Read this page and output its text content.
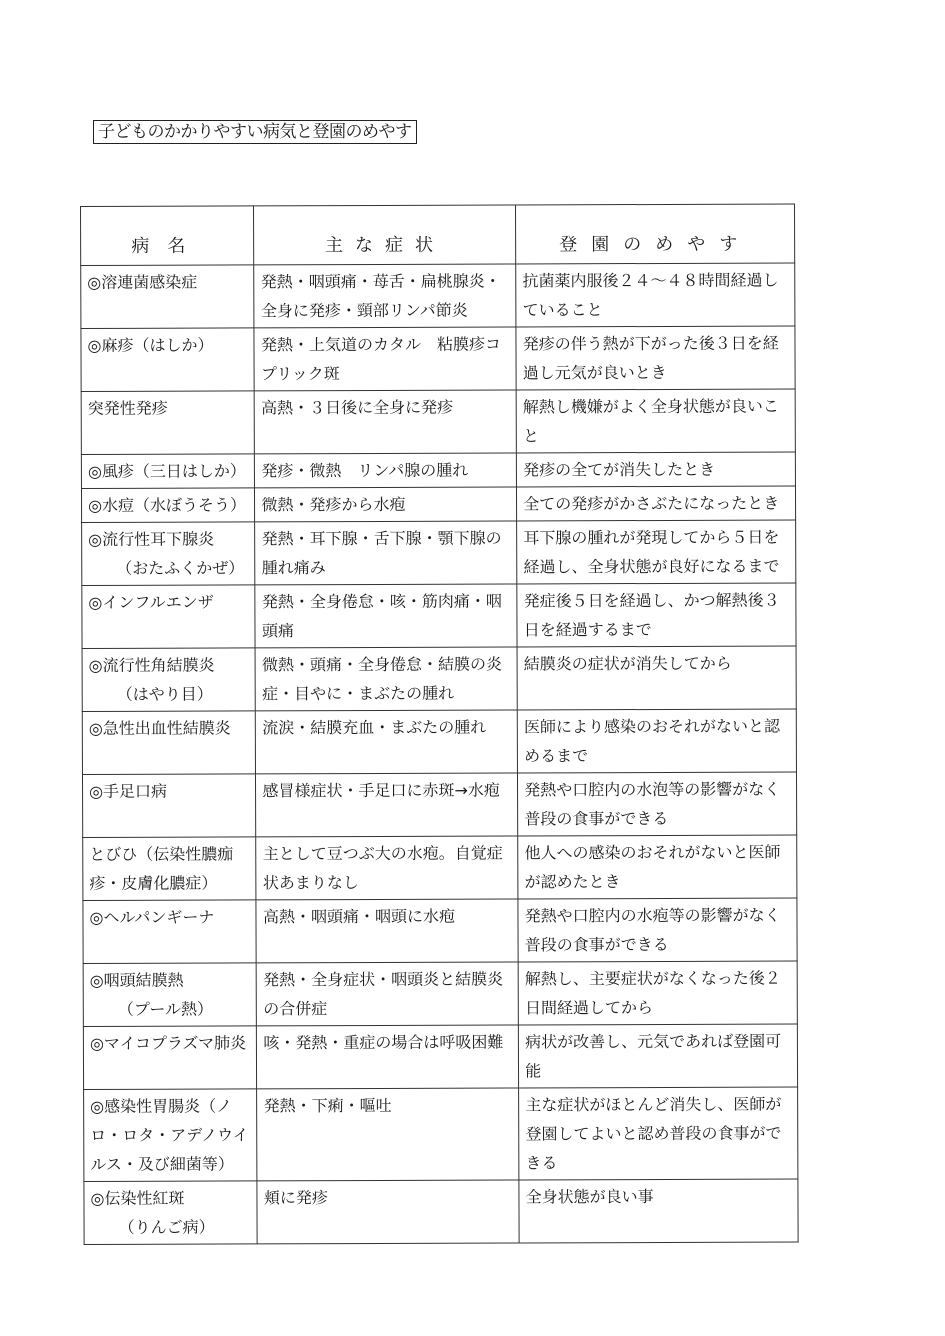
子どものかかりやすい病気と登園のめやす
病名	主な症状	登園のめやす

◎溶連菌感染症	発熱・咽頭痛・苺舌・扁桃腺炎・全身に発疹・頸部リンパ節炎	抗菌薬内服後２４～４８時間経過していること

◎麻疹（はしか）	発熱・上気道のカタル　粘膜疹コプリック斑	発疹の伴う熱が下がった後３日を経過し元気が良いとき

突発性発疹	高熱・３日後に全身に発疹	解熱し機嫌がよく全身状態が良いこと

◎風疹（三日はしか）	発疹・微熱　リンパ腺の腫れ	発疹の全てが消失したとき

◎水痘（水ぼうそう）	微熱・発疹から水疱	全ての発疹がかさぶたになったとき

◎流行性耳下腺炎
（おたふくかぜ）	発熱・耳下腺・舌下腺・顎下腺の腫れ痛み	耳下腺の腫れが発現してから５日を経過し、全身状態が良好になるまで

◎インフルエンザ	発熱・全身倦怠・咳・筋肉痛・咽頭痛	発症後５日を経過し、かつ解熱後３日を経過するまで

◎流行性角結膜炎
（はやり目）	微熱・頭痛・全身倦怠・結膜の炎症・目やに・まぶたの腫れ	結膜炎の症状が消失してから

◎急性出血性結膜炎	流涙・結膜充血・まぶたの腫れ	医師により感染のおそれがないと認めるまで

◎手足口病	感冒様症状・手足口に赤斑→水疱	発熱や口腔内の水泡等の影響がなく普段の食事ができる

とびひ（伝染性膿痂疹・皮膚化膿症）	主として豆つぶ大の水疱。自覚症状あまりなし	他人への感染のおそれがないと医師が認めたとき

◎ヘルパンギーナ	高熱・咽頭痛・咽頭に水疱	発熱や口腔内の水疱等の影響がなく普段の食事ができる

◎咽頭結膜熱
（プール熱）	発熱・全身症状・咽頭炎と結膜炎の合併症	解熱し、主要症状がなくなった後２日間経過してから

◎マイコプラズマ肺炎	咳・発熱・重症の場合は呼吸困難	病状が改善し、元気であれば登園可能

◎感染性胃腸炎（ノロ・ロタ・アデノウイルス・及び細菌等）	発熱・下痢・嘔吐	主な症状がほとんど消失し、医師が登園してよいと認め普段の食事ができる

◎伝染性紅斑
（りんご病）	頬に発疹	全身状態が良い事
